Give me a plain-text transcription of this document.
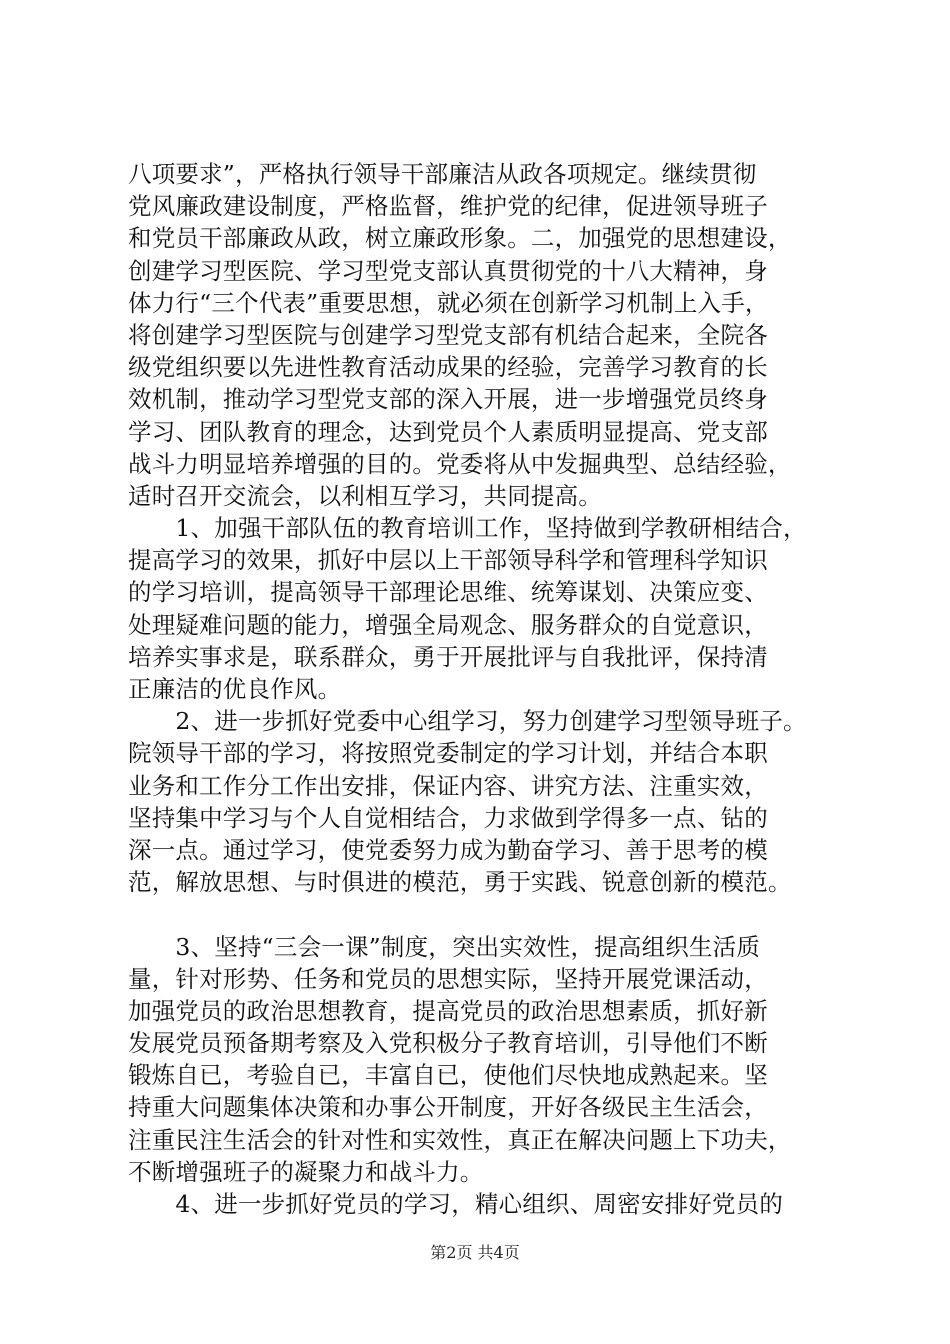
八项要求”，严格执行领导干部廉洁从政各项规定。继续贯彻
党风廉政建设制度，严格监督，维护党的纪律，促进领导班子
和党员干部廉政从政，树立廉政形象。二，加强党的思想建设，
创建学习型医院、学习型党支部认真贯彻党的十八大精神，身
体力行“三个代表”重要思想，就必须在创新学习机制上入手，
将创建学习型医院与创建学习型党支部有机结合起来，全院各
级党组织要以先进性教育活动成果的经验，完善学习教育的长
效机制，推动学习型党支部的深入开展，进一步增强党员终身
学习、团队教育的理念，达到党员个人素质明显提高、党支部
战斗力明显培养增强的目的。党委将从中发掘典型、总结经验，
适时召开交流会，以利相互学习，共同提高。
　　1、加强干部队伍的教育培训工作，坚持做到学教研相结合，
提高学习的效果，抓好中层以上干部领导科学和管理科学知识
的学习培训，提高领导干部理论思维、统筹谋划、决策应变、
处理疑难问题的能力，增强全局观念、服务群众的自觉意识，
培养实事求是，联系群众，勇于开展批评与自我批评，保持清
正廉洁的优良作风。
　　2、进一步抓好党委中心组学习，努力创建学习型领导班子。
院领导干部的学习，将按照党委制定的学习计划，并结合本职
业务和工作分工作出安排，保证内容、讲究方法、注重实效，
坚持集中学习与个人自觉相结合，力求做到学得多一点、钻的
深一点。通过学习，使党委努力成为勤奋学习、善于思考的模
范，解放思想、与时俱进的模范，勇于实践、锐意创新的模范。
　　3、坚持“三会一课”制度，突出实效性，提高组织生活质
量，针对形势、任务和党员的思想实际，坚持开展党课活动，
加强党员的政治思想教育，提高党员的政治思想素质，抓好新
发展党员预备期考察及入党积极分子教育培训，引导他们不断
锻炼自已，考验自已，丰富自已，使他们尽快地成熟起来。坚
持重大问题集体决策和办事公开制度，开好各级民主生活会，
注重民注生活会的针对性和实效性，真正在解决问题上下功夫，
不断增强班子的凝聚力和战斗力。
　　4、进一步抓好党员的学习，精心组织、周密安排好党员的
第2页 共4页
